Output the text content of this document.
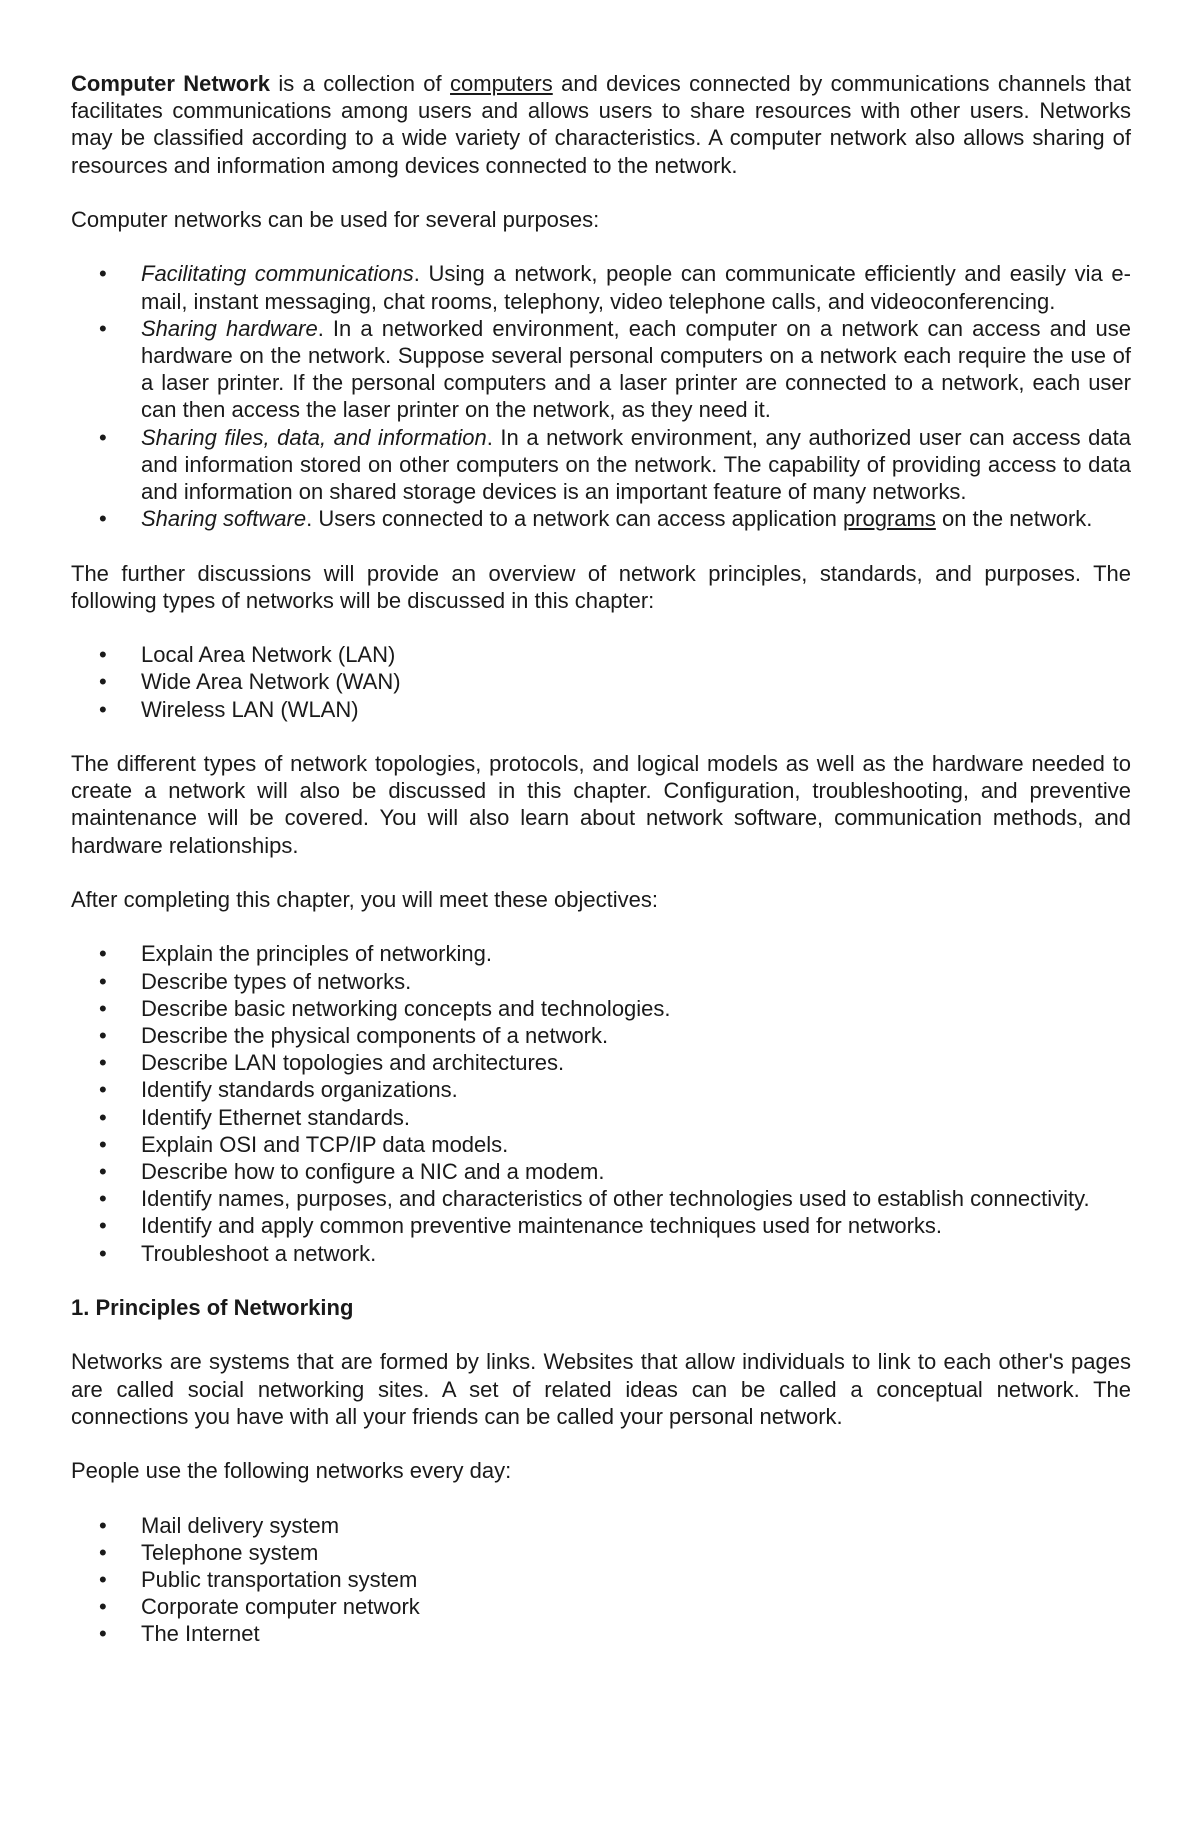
Computer Network is a collection of computers and devices connected by communications channels that facilitates communications among users and allows users to share resources with other users. Networks may be classified according to a wide variety of characteristics. A computer network also allows sharing of resources and information among devices connected to the network.

Computer networks can be used for several purposes:

• Facilitating communications. Using a network, people can communicate efficiently and easily via e-mail, instant messaging, chat rooms, telephony, video telephone calls, and videoconferencing.
• Sharing hardware. In a networked environment, each computer on a network can access and use hardware on the network. Suppose several personal computers on a network each require the use of a laser printer. If the personal computers and a laser printer are connected to a network, each user can then access the laser printer on the network, as they need it.
• Sharing files, data, and information. In a network environment, any authorized user can access data and information stored on other computers on the network. The capability of providing access to data and information on shared storage devices is an important feature of many networks.
• Sharing software. Users connected to a network can access application programs on the network.

The further discussions will provide an overview of network principles, standards, and purposes. The following types of networks will be discussed in this chapter:

• Local Area Network (LAN)
• Wide Area Network (WAN)
• Wireless LAN (WLAN)

The different types of network topologies, protocols, and logical models as well as the hardware needed to create a network will also be discussed in this chapter. Configuration, troubleshooting, and preventive maintenance will be covered. You will also learn about network software, communication methods, and hardware relationships.

After completing this chapter, you will meet these objectives:

• Explain the principles of networking.
• Describe types of networks.
• Describe basic networking concepts and technologies.
• Describe the physical components of a network.
• Describe LAN topologies and architectures.
• Identify standards organizations.
• Identify Ethernet standards.
• Explain OSI and TCP/IP data models.
• Describe how to configure a NIC and a modem.
• Identify names, purposes, and characteristics of other technologies used to establish connectivity.
• Identify and apply common preventive maintenance techniques used for networks.
• Troubleshoot a network.
1. Principles of Networking

Networks are systems that are formed by links. Websites that allow individuals to link to each other's pages are called social networking sites. A set of related ideas can be called a conceptual network. The connections you have with all your friends can be called your personal network.

People use the following networks every day:

• Mail delivery system
• Telephone system
• Public transportation system
• Corporate computer network
• The Internet
